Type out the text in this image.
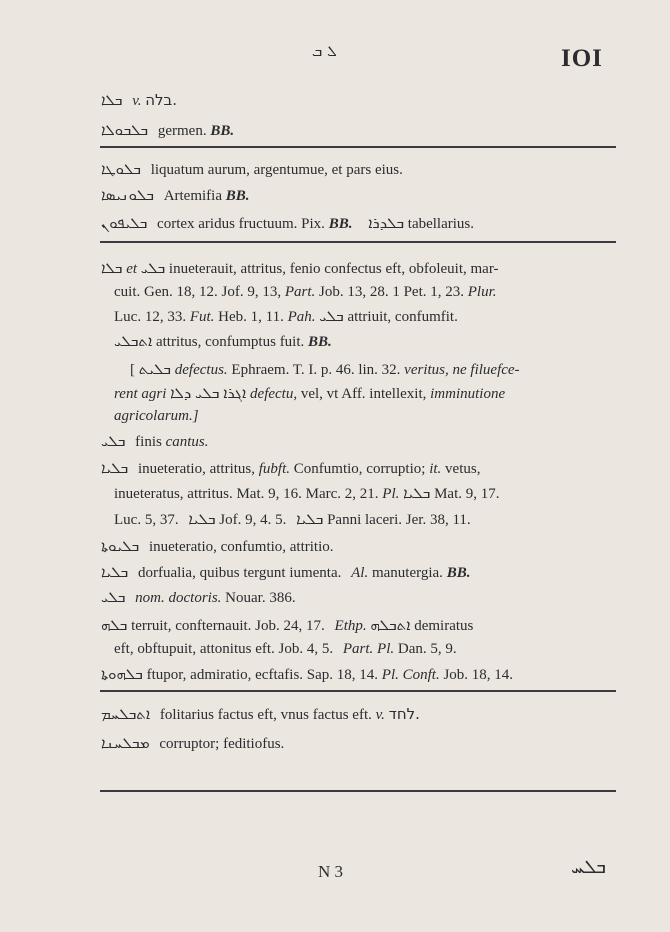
ܠ ܒ	IOI
ܒܠܐ v. בלה.
ܒܠܒܘܠܐ germen. BB.
ܒܠܘܛܐ liquatum aurum, argentumue, et pars eius.
ܒܠܘܢܝܣܐ Artemifia BB.
ܒܠܝܦܘܢ cortex aridus fructuum. Pix. BB. ܒܠܕܪܐ tabellarius.
ܒܠܐ et ܒܠܝ inueterauit, attritus, fenio confectus eft, obfoleuit, mar-
cuit. Gen. 18, 12. Jof. 9, 13, Part. Job. 13, 28. 1 Pet. 1, 23. Plur.
Luc. 12, 33. Fut. Heb. 1, 11. Pah. ܒܠܝ attriuit, confumfit.
ܐܬܒܠܝ attritus, confumptus fuit. BB.
[ ܒܠܝܬ defectus. Ephraem. T. I. p. 46. lin. 32. veritus, ne filuefce-
rent agri	ܐܓܪܐ ܒܠܝ ܕܠܐ	defectu, vel, vt Aff. intellexit, imminutione
agricolarum.]
ܒܠܝ finis cantus.
ܒܠܝܐ inueteratio, attritus, fubft. Confumtio, corruptio; it. vetus,
inueteratus, attritus. Mat. 9, 16. Marc. 2, 21. Pl. ܒܠܝܐ Mat. 9, 17.
Luc. 5, 37. ܒܠܝܐ Jof. 9, 4. 5. ܒܠܝܐ Panni laceri. Jer. 38, 11.
ܒܠܝܘܬܐ inueteratio, confumtio, attritio.
ܒܠܝܐ dorfualia, quibus tergunt iumenta. Al. manutergia. BB.
ܒܠܝ nom. doctoris. Nouar. 386.
ܒܠܗ terruit, confternauit. Job. 24, 17. Ethp. ܐܬܒܠܗ demiratus
eft, obftupuit, attonitus eft. Job. 4, 5. Part. Pl. Dan. 5, 9.
ܒܠܗܘܬܐ ftupor, admiratio, ecftafis. Sap. 18, 14. Pl. Conft. Job. 18, 14.
ܐܬܒܠܚܡ folitarius factus eft, vnus factus eft. v. לחד.
ܡܒܠܚܢܐ corruptor; feditiofus.
N 3	ܒܠܚ
